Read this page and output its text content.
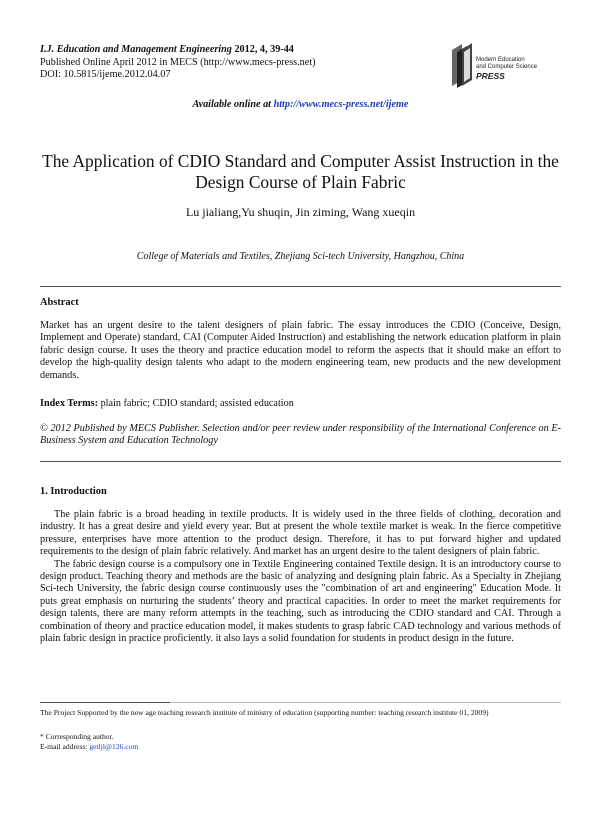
I.J. Education and Management Engineering 2012, 4, 39-44
Published Online April 2012 in MECS (http://www.mecs-press.net)
DOI: 10.5815/ijeme.2012.04.07
Modern Education
and Computer Science
PRESS
Available online at http://www.mecs-press.net/ijeme
The Application of CDIO Standard and Computer Assist Instruction in the Design Course of Plain Fabric
Lu jialiang,Yu shuqin, Jin ziming, Wang xueqin
College of Materials and Textiles, Zhejiang Sci-tech University, Hangzhou, China
Abstract
Market has an urgent desire to the talent designers of plain fabric. The essay introduces the CDIO (Conceive, Design, Implement and Operate) standard, CAI (Computer Aided Instruction) and establishing the network education platform in plain fabric design course. It uses the theory and practice education model to reform the aspects that it should make an effort to develop the high-quality design talents who adapt to the modern engineering team, new products and the new development demands.
Index Terms: plain fabric; CDIO standard; assisted education
© 2012 Published by MECS Publisher. Selection and/or peer review under responsibility of the International Conference on E-Business System and Education Technology
1. Introduction

The plain fabric is a broad heading in textile products. It is widely used in the three fields of clothing, decoration and industry. It has a great desire and yield every year. But at present the whole textile market is weak. In the fierce competitive pressure, enterprises have more attention to the product design. Therefore, it has to put forward higher and updated requirements to the design of plain fabric relatively. And market has an urgent desire to the talent designers of plain fabric.

The fabric design course is a compulsory one in Textile Engineering contained Textile design. It is an introductory course to design product. Teaching theory and methods are the basic of analyzing and designing plain fabric. As a Specialty in Zhejiang Sci-tech University, the fabric design course continuously uses the "combination of art and engineering" Education Mode. It puts great emphasis on nurturing the students’ theory and practical capacities. In order to meet the market requirements for design talents, there are many reform attempts in the teaching, such as introducing the CDIO standard and CAI. Through a combination of theory and practice education model, it makes students to grasp fabric CAD technology and various methods of plain fabric design in practice proficiently. it also lays a solid foundation for students in product design in the future.

The Project Supported by the new age teaching research institute of ministry of education (supporting number: teaching research institute 01, 2009)
* Corresponding author.
E-mail address: getljl@126.com
